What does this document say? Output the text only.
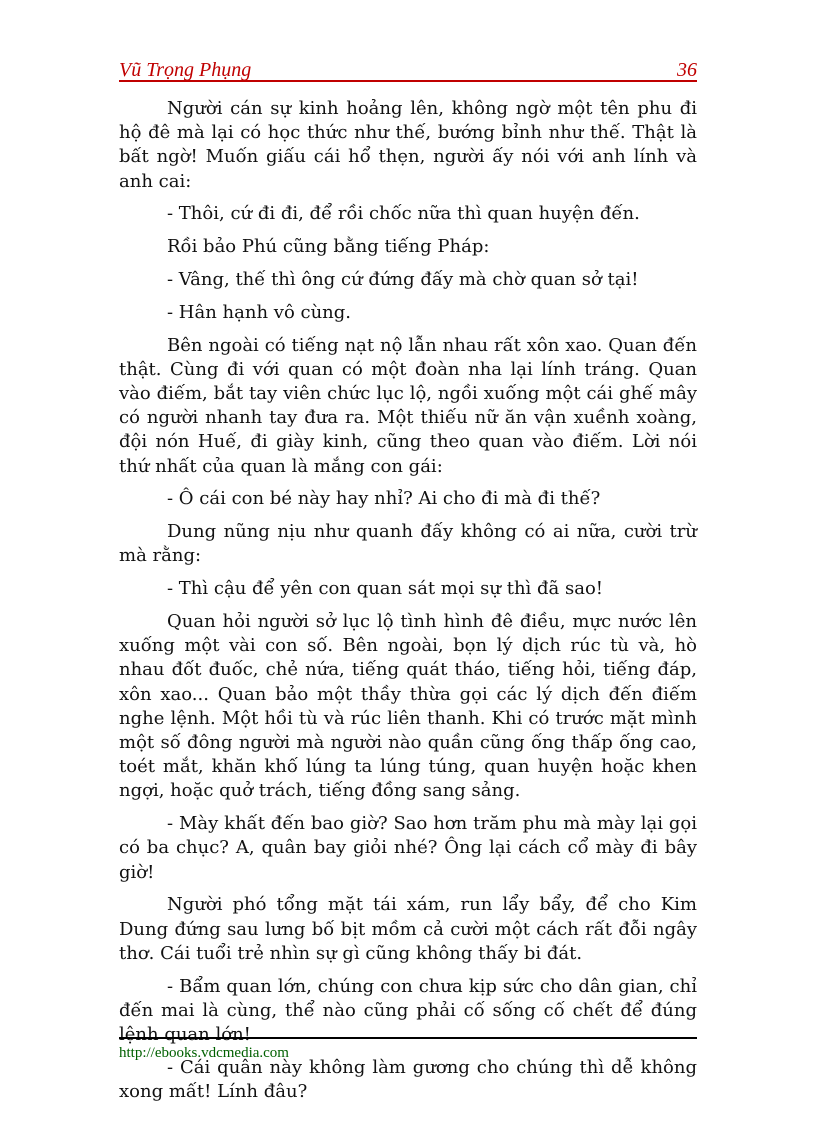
Vũ Trọng Phụng	36

Người cán sự kinh hoảng lên, không ngờ một tên phu đi hộ đê mà lại có học thức như thế, bướng bỉnh như thế. Thật là bất ngờ! Muốn giấu cái hổ thẹn, người ấy nói với anh lính và anh cai:

- Thôi, cứ đi đi, để rồi chốc nữa thì quan huyện đến.

Rồi bảo Phú cũng bằng tiếng Pháp:

- Vâng, thế thì ông cứ đứng đấy mà chờ quan sở tại!

- Hân hạnh vô cùng.

Bên ngoài có tiếng nạt nộ lẫn nhau rất xôn xao. Quan đến thật. Cùng đi với quan có một đoàn nha lại lính tráng. Quan vào điếm, bắt tay viên chức lục lộ, ngồi xuống một cái ghế mây có người nhanh tay đưa ra. Một thiếu nữ ăn vận xuềnh xoàng, đội nón Huế, đi giày kinh, cũng theo quan vào điếm. Lời nói thứ nhất của quan là mắng con gái:

- Ô cái con bé này hay nhỉ? Ai cho đi mà đi thế?

Dung nũng nịu như quanh đấy không có ai nữa, cười trừ mà rằng:

- Thì cậu để yên con quan sát mọi sự thì đã sao!

Quan hỏi người sở lục lộ tình hình đê điều, mực nước lên xuống một vài con số. Bên ngoài, bọn lý dịch rúc tù và, hò nhau đốt đuốc, chẻ nứa, tiếng quát tháo, tiếng hỏi, tiếng đáp, xôn xao... Quan bảo một thầy thừa gọi các lý dịch đến điếm nghe lệnh. Một hồi tù và rúc liên thanh. Khi có trước mặt mình một số đông người mà người nào quần cũng ống thấp ống cao, toét mắt, khăn khố lúng ta lúng túng, quan huyện hoặc khen ngợi, hoặc quở trách, tiếng đồng sang sảng.

- Mày khất đến bao giờ? Sao hơn trăm phu mà mày lại gọi có ba chục? A, quân bay giỏi nhé? Ông lại cách cổ mày đi bây giờ!

Người phó tổng mặt tái xám, run lẩy bẩy, để cho Kim Dung đứng sau lưng bố bịt mồm cả cười một cách rất đỗi ngây thơ. Cái tuổi trẻ nhìn sự gì cũng không thấy bi đát.

- Bẩm quan lớn, chúng con chưa kịp sức cho dân gian, chỉ đến mai là cùng, thể nào cũng phải cố sống cố chết để đúng lệnh quan lớn!

- Cái quân này không làm gương cho chúng thì dễ không xong mất! Lính đâu?

http://ebooks.vdcmedia.com
